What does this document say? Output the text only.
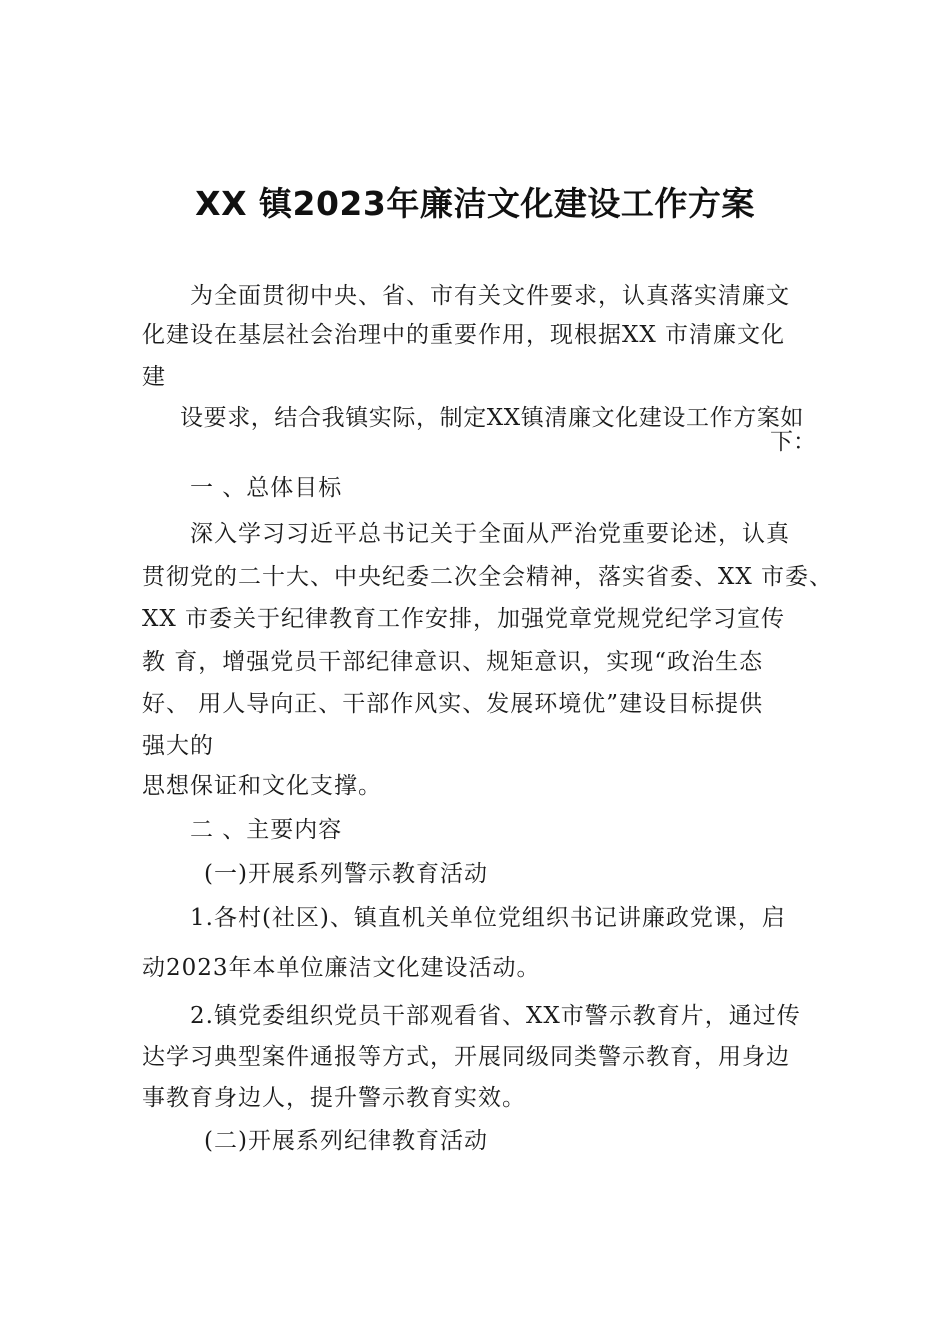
XX 镇2023年廉洁文化建设工作方案
为全面贯彻中央、省、市有关文件要求，认真落实清廉文
化建设在基层社会治理中的重要作用，现根据XX 市清廉文化
建
设要求，结合我镇实际，制定XX镇清廉文化建设工作方案如
下：
一 、总体目标
深入学习习近平总书记关于全面从严治党重要论述，认真
贯彻党的二十大、中央纪委二次全会精神，落实省委、XX 市委、
XX 市委关于纪律教育工作安排，加强党章党规党纪学习宣传
教 育，增强党员干部纪律意识、规矩意识，实现“政治生态
好、 用人导向正、干部作风实、发展环境优”建设目标提供
强大的
思想保证和文化支撑。
二 、主要内容
(一)开展系列警示教育活动
1.各村(社区)、镇直机关单位党组织书记讲廉政党课，启
动2023年本单位廉洁文化建设活动。
2.镇党委组织党员干部观看省、XX市警示教育片，通过传
达学习典型案件通报等方式，开展同级同类警示教育，用身边
事教育身边人，提升警示教育实效。
(二)开展系列纪律教育活动
